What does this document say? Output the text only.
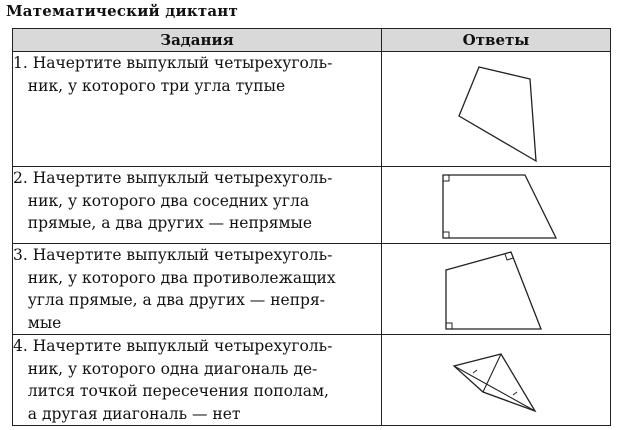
Математический диктант
Задания	Ответы

1. Начертите выпуклый четырехуголь-
ник, у которого три угла тупые

2. Начертите выпуклый четырехуголь-
ник, у которого два соседних угла
прямые, а два других — непрямые

3. Начертите выпуклый четырехуголь-
ник, у которого два противолежащих
угла прямые, а два других — непря-
мые

4. Начертите выпуклый четырехуголь-
ник, у которого одна диагональ де-
лится точкой пересечения пополам,
а другая диагональ — нет
